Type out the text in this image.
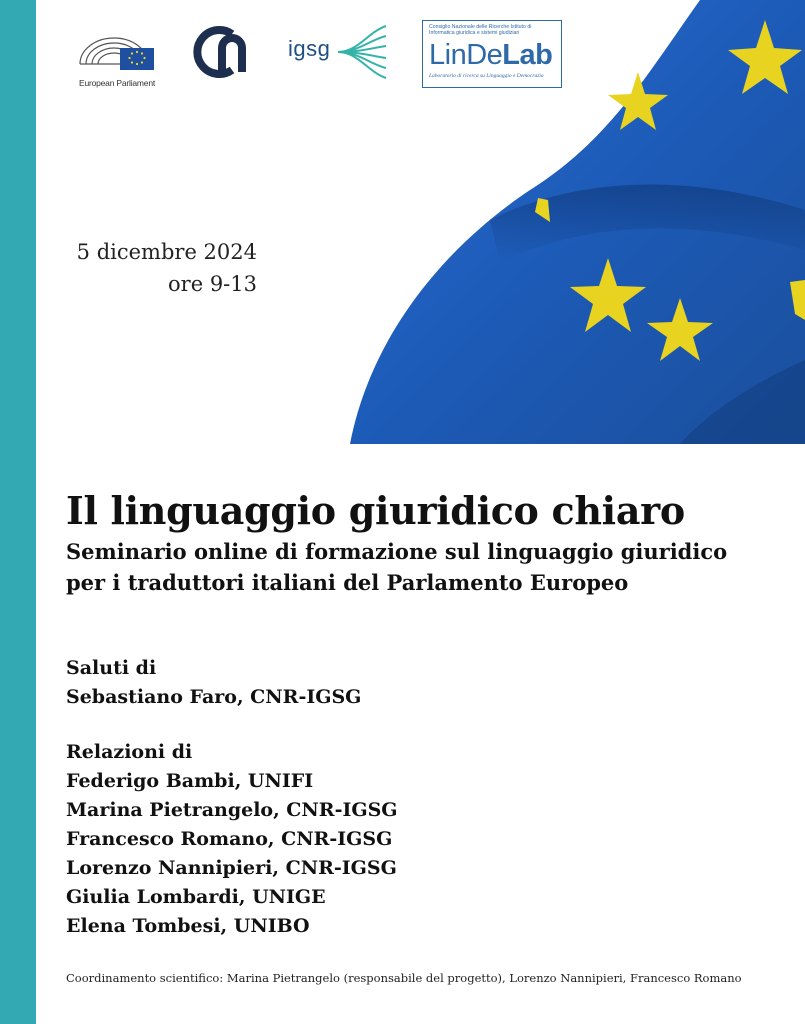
European Parliament
igsg
Consiglio Nazionale delle Ricerche Istituto di Informatica giuridica e sistemi giudiziari
LinDeLab
Laboratorio di ricerca su Linguaggio e Democrazia
5 dicembre 2024
ore 9-13
Il linguaggio giuridico chiaro
Seminario online di formazione sul linguaggio giuridico
per i traduttori italiani del Parlamento Europeo
Saluti di
Sebastiano Faro, CNR-IGSG
Relazioni di
Federigo Bambi, UNIFI
Marina Pietrangelo, CNR-IGSG
Francesco Romano, CNR-IGSG
Lorenzo Nannipieri, CNR-IGSG
Giulia Lombardi, UNIGE
Elena Tombesi, UNIBO
Coordinamento scientifico: Marina Pietrangelo (responsabile del progetto), Lorenzo Nannipieri, Francesco Romano
